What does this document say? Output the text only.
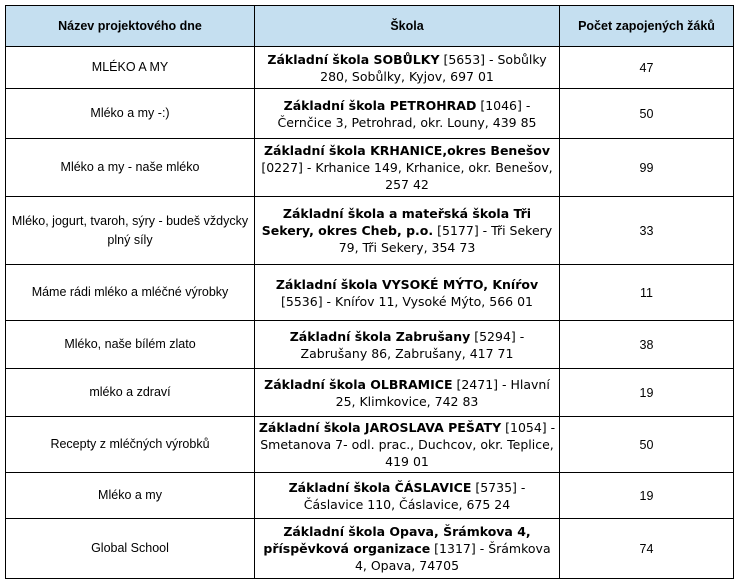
Název projektového dne	Škola	Počet zapojených žáků
MLÉKO A MY	Základní škola SOBŮLKY [5653] - Sobůlky 280, Sobůlky, Kyjov, 697 01	47
Mléko a my -:)	Základní škola PETROHRAD [1046] - Černčice 3, Petrohrad, okr. Louny, 439 85	50
Mléko a my - naše mléko	Základní škola KRHANICE,okres Benešov [0227] - Krhanice 149, Krhanice, okr. Benešov, 257 42	99
Mléko, jogurt, tvaroh, sýry - budeš vždycky plný síly	Základní škola a mateřská škola Tři Sekery, okres Cheb, p.o. [5177] - Tři Sekery 79, Tři Sekery, 354 73	33
Máme rádi mléko a mléčné výrobky	Základní škola VYSOKÉ MÝTO, Kníŕov [5536] - Kníŕov 11, Vysoké Mýto, 566 01	11
Mléko, naše bílém zlato	Základní škola Zabrušany [5294] - Zabrušany 86, Zabrušany, 417 71	38
mléko a zdraví	Základní škola OLBRAMICE [2471] - Hlavní 25, Klimkovice, 742 83	19
Recepty z mléčných výrobků	Základní škola JAROSLAVA PEŠATY [1054] - Smetanova 7- odl. prac., Duchcov, okr. Teplice, 419 01	50
Mléko a my	Základní škola ČÁSLAVICE [5735] - Čáslavice 110, Čáslavice, 675 24	19
Global School	Základní škola Opava, Šrámkova 4, příspěvková organizace [1317] - Šrámkova 4, Opava, 74705	74
